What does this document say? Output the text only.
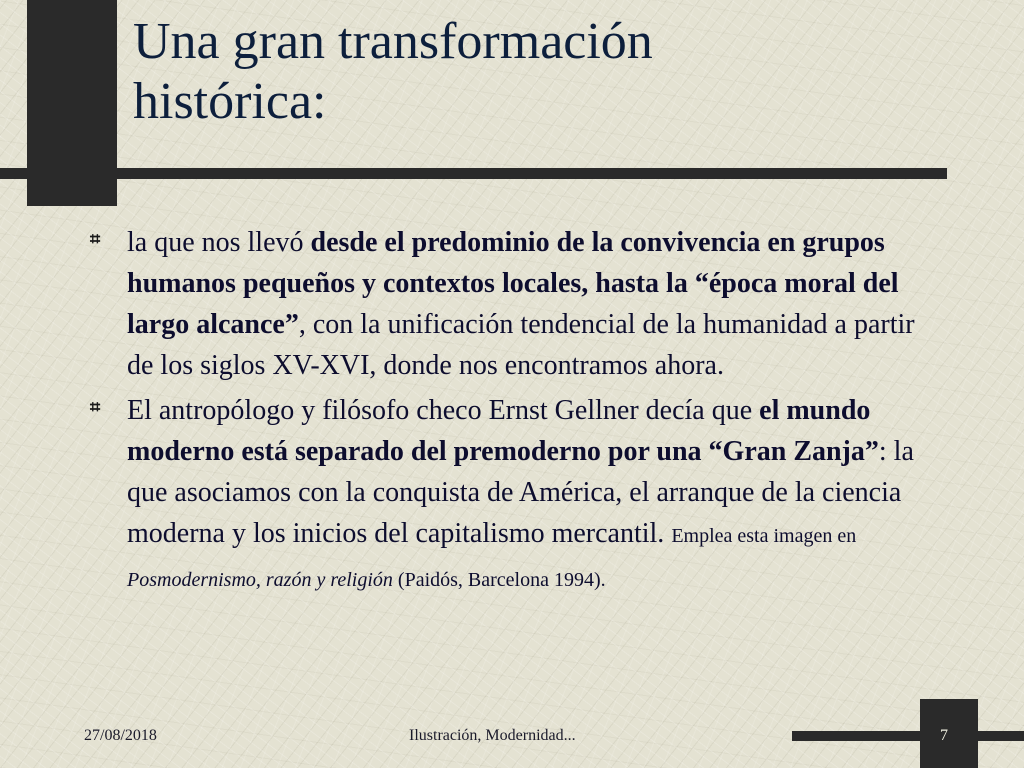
Una gran transformación
histórica:
⌗ la que nos llevó desde el predominio de la convivencia en grupos humanos pequeños y contextos locales, hasta la “época moral del largo alcance”, con la unificación tendencial de la humanidad a partir de los siglos XV-XVI, donde nos encontramos ahora.
⌗ El antropólogo y filósofo checo Ernst Gellner decía que el mundo moderno está separado del premoderno por una “Gran Zanja”: la que asociamos con la conquista de América, el arranque de la ciencia moderna y los inicios del capitalismo mercantil. Emplea esta imagen en Posmodernismo, razón y religión (Paidós, Barcelona 1994).
27/08/2018	Ilustración, Modernidad...	7
